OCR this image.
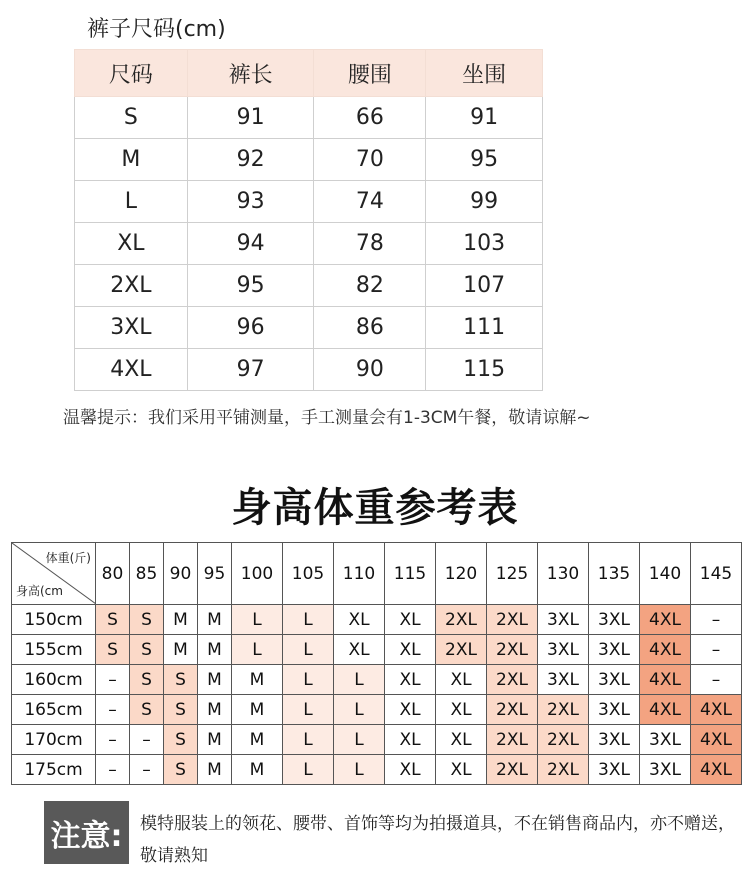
裤子尺码(cm)
尺码	裤长	腰围	坐围
S	91	66	91
M	92	70	95
L	93	74	99
XL	94	78	103
2XL	95	82	107
3XL	96	86	111
4XL	97	90	115
温馨提示：我们采用平铺测量，手工测量会有1-3CM午餐，敬请谅解~
身高体重参考表
体重(斤)
身高(cm	80	85	90	95	100	105	110	115	120	125	130	135	140	145
150cm	S	S	M	M	L	L	XL	XL	2XL	2XL	3XL	3XL	4XL	–
155cm	S	S	M	M	L	L	XL	XL	2XL	2XL	3XL	3XL	4XL	–
160cm	–	S	S	M	M	L	L	XL	XL	2XL	3XL	3XL	4XL	–
165cm	–	S	S	M	M	L	L	XL	XL	2XL	2XL	3XL	4XL	4XL
170cm	–	–	S	M	M	L	L	XL	XL	2XL	2XL	3XL	3XL	4XL
175cm	–	–	S	M	M	L	L	XL	XL	2XL	2XL	3XL	3XL	4XL
注意:	模特服装上的领花、腰带、首饰等均为拍摄道具，不在销售商品内，亦不赠送，敬请熟知
